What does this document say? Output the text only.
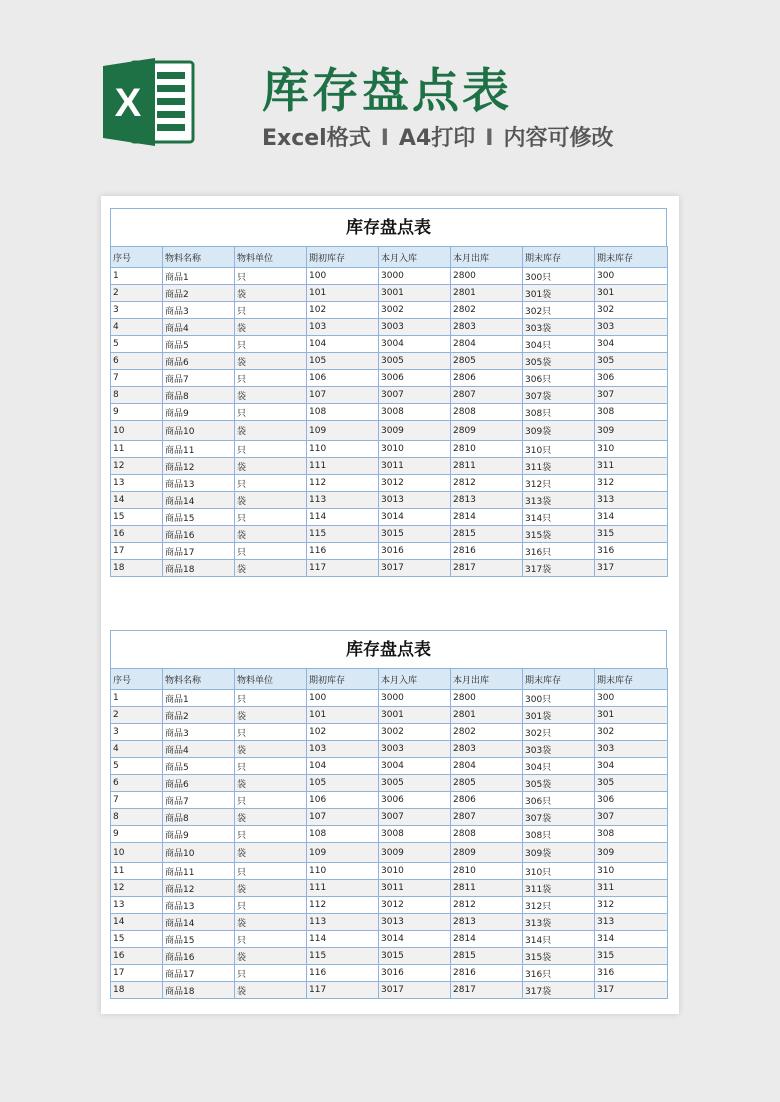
X	库存盘点表
Excel格式 I A4打印 I 内容可修改
库存盘点表
序号	物料名称	物料单位	期初库存	本月入库	本月出库	期末库存	期末库存
1	商品1	只	100	3000	2800	300只	300
2	商品2	袋	101	3001	2801	301袋	301
3	商品3	只	102	3002	2802	302只	302
4	商品4	袋	103	3003	2803	303袋	303
5	商品5	只	104	3004	2804	304只	304
6	商品6	袋	105	3005	2805	305袋	305
7	商品7	只	106	3006	2806	306只	306
8	商品8	袋	107	3007	2807	307袋	307
9	商品9	只	108	3008	2808	308只	308
10	商品10	袋	109	3009	2809	309袋	309
11	商品11	只	110	3010	2810	310只	310
12	商品12	袋	111	3011	2811	311袋	311
13	商品13	只	112	3012	2812	312只	312
14	商品14	袋	113	3013	2813	313袋	313
15	商品15	只	114	3014	2814	314只	314
16	商品16	袋	115	3015	2815	315袋	315
17	商品17	只	116	3016	2816	316只	316
18	商品18	袋	117	3017	2817	317袋	317
库存盘点表
序号	物料名称	物料单位	期初库存	本月入库	本月出库	期末库存	期末库存
1	商品1	只	100	3000	2800	300只	300
2	商品2	袋	101	3001	2801	301袋	301
3	商品3	只	102	3002	2802	302只	302
4	商品4	袋	103	3003	2803	303袋	303
5	商品5	只	104	3004	2804	304只	304
6	商品6	袋	105	3005	2805	305袋	305
7	商品7	只	106	3006	2806	306只	306
8	商品8	袋	107	3007	2807	307袋	307
9	商品9	只	108	3008	2808	308只	308
10	商品10	袋	109	3009	2809	309袋	309
11	商品11	只	110	3010	2810	310只	310
12	商品12	袋	111	3011	2811	311袋	311
13	商品13	只	112	3012	2812	312只	312
14	商品14	袋	113	3013	2813	313袋	313
15	商品15	只	114	3014	2814	314只	314
16	商品16	袋	115	3015	2815	315袋	315
17	商品17	只	116	3016	2816	316只	316
18	商品18	袋	117	3017	2817	317袋	317
